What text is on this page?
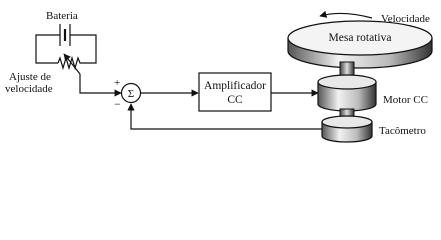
Bateria
Ajuste de
velocidade	+
Σ
−
Amplificador
CC
Mesa rotativa
Velocidade
Motor CC
Tacômetro
